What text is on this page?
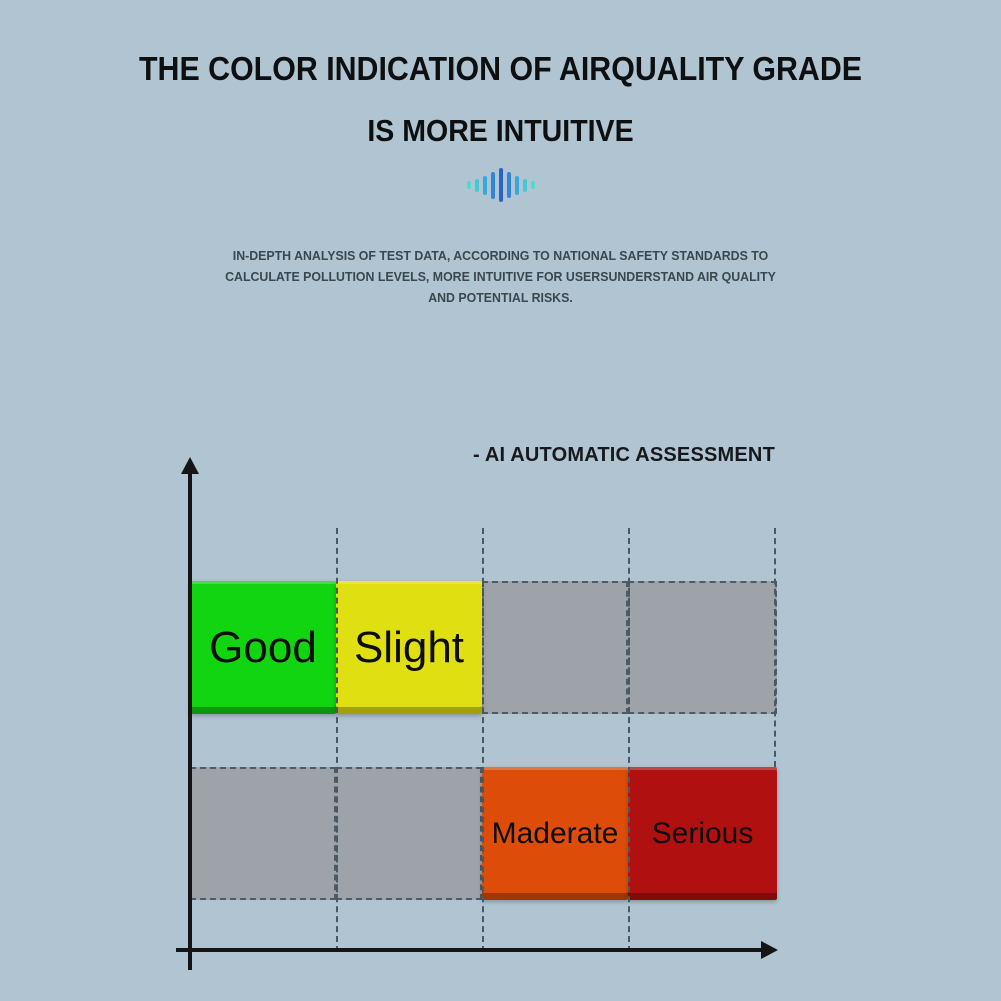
THE COLOR INDICATION OF AIRQUALITY GRADE
IS MORE INTUITIVE
IN-DEPTH ANALYSIS OF TEST DATA, ACCORDING TO NATIONAL SAFETY STANDARDS TO
CALCULATE POLLUTION LEVELS, MORE INTUITIVE FOR USERSUNDERSTAND AIR QUALITY
AND POTENTIAL RISKS.
- AI AUTOMATIC ASSESSMENT
Good Slight
Maderate Serious
